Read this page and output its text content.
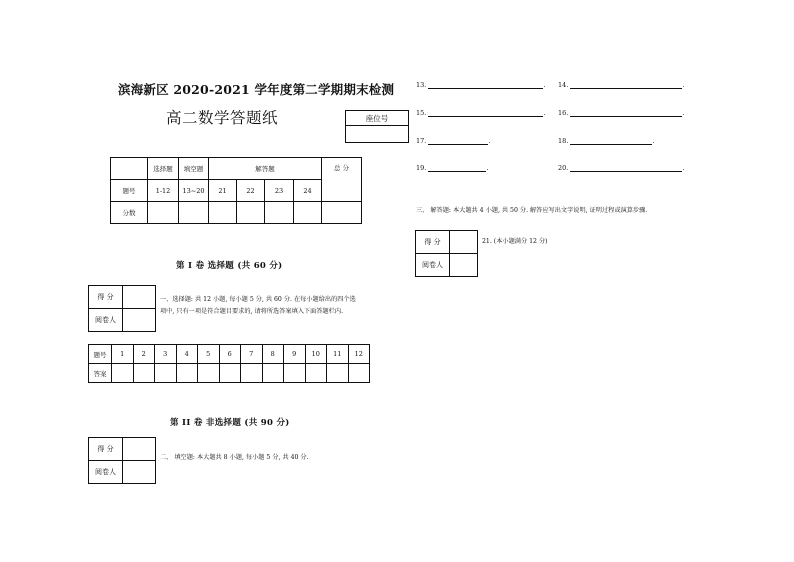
滨海新区 2020-2021 学年度第二学期期末检测
高二数学答题纸	座位号

	选择题	填空题	解答题				总 分
题号	1-12	13~20	21	22	23	24	
分数							
第 I 卷 选择题 (共 60 分)
得 分	
阅卷人	
一、选择题: 共 12 小题, 每小题 5 分, 共 60 分. 在每小题给出的四个选
项中, 只有一项是符合题目要求的, 请将所选答案填入下面答题栏内.
题号	1	2	3	4	5	6	7	8	9	10	11	12
答案												
第 II 卷 非选择题 (共 90 分)
得 分	
阅卷人	
二、 填空题: 本大题共 8 小题, 每小题 5 分, 共 40 分.
13.	. 14.	.
15.	. 16.	.
17.	.	18.	.
19.	.	20.	.
三、 解答题: 本大题共 4 小题, 共 50 分. 解答应写出文字说明, 证明过程或演算步骤.
得 分	
阅卷人	
21. (本小题满分 12 分)
